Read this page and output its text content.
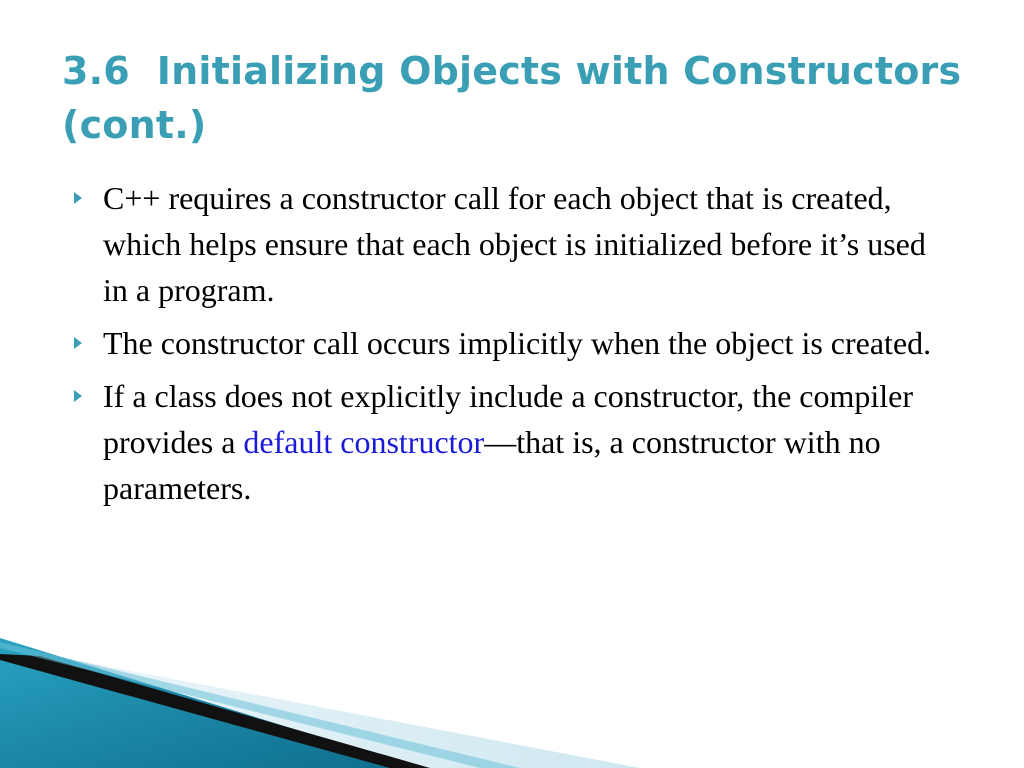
3.6 Initializing Objects with Constructors
(cont.)
C++ requires a constructor call for each object that is created, which helps ensure that each object is initialized before it’s used in a program.
The constructor call occurs implicitly when the object is created.
If a class does not explicitly include a constructor, the compiler provides a default constructor—that is, a constructor with no parameters.
